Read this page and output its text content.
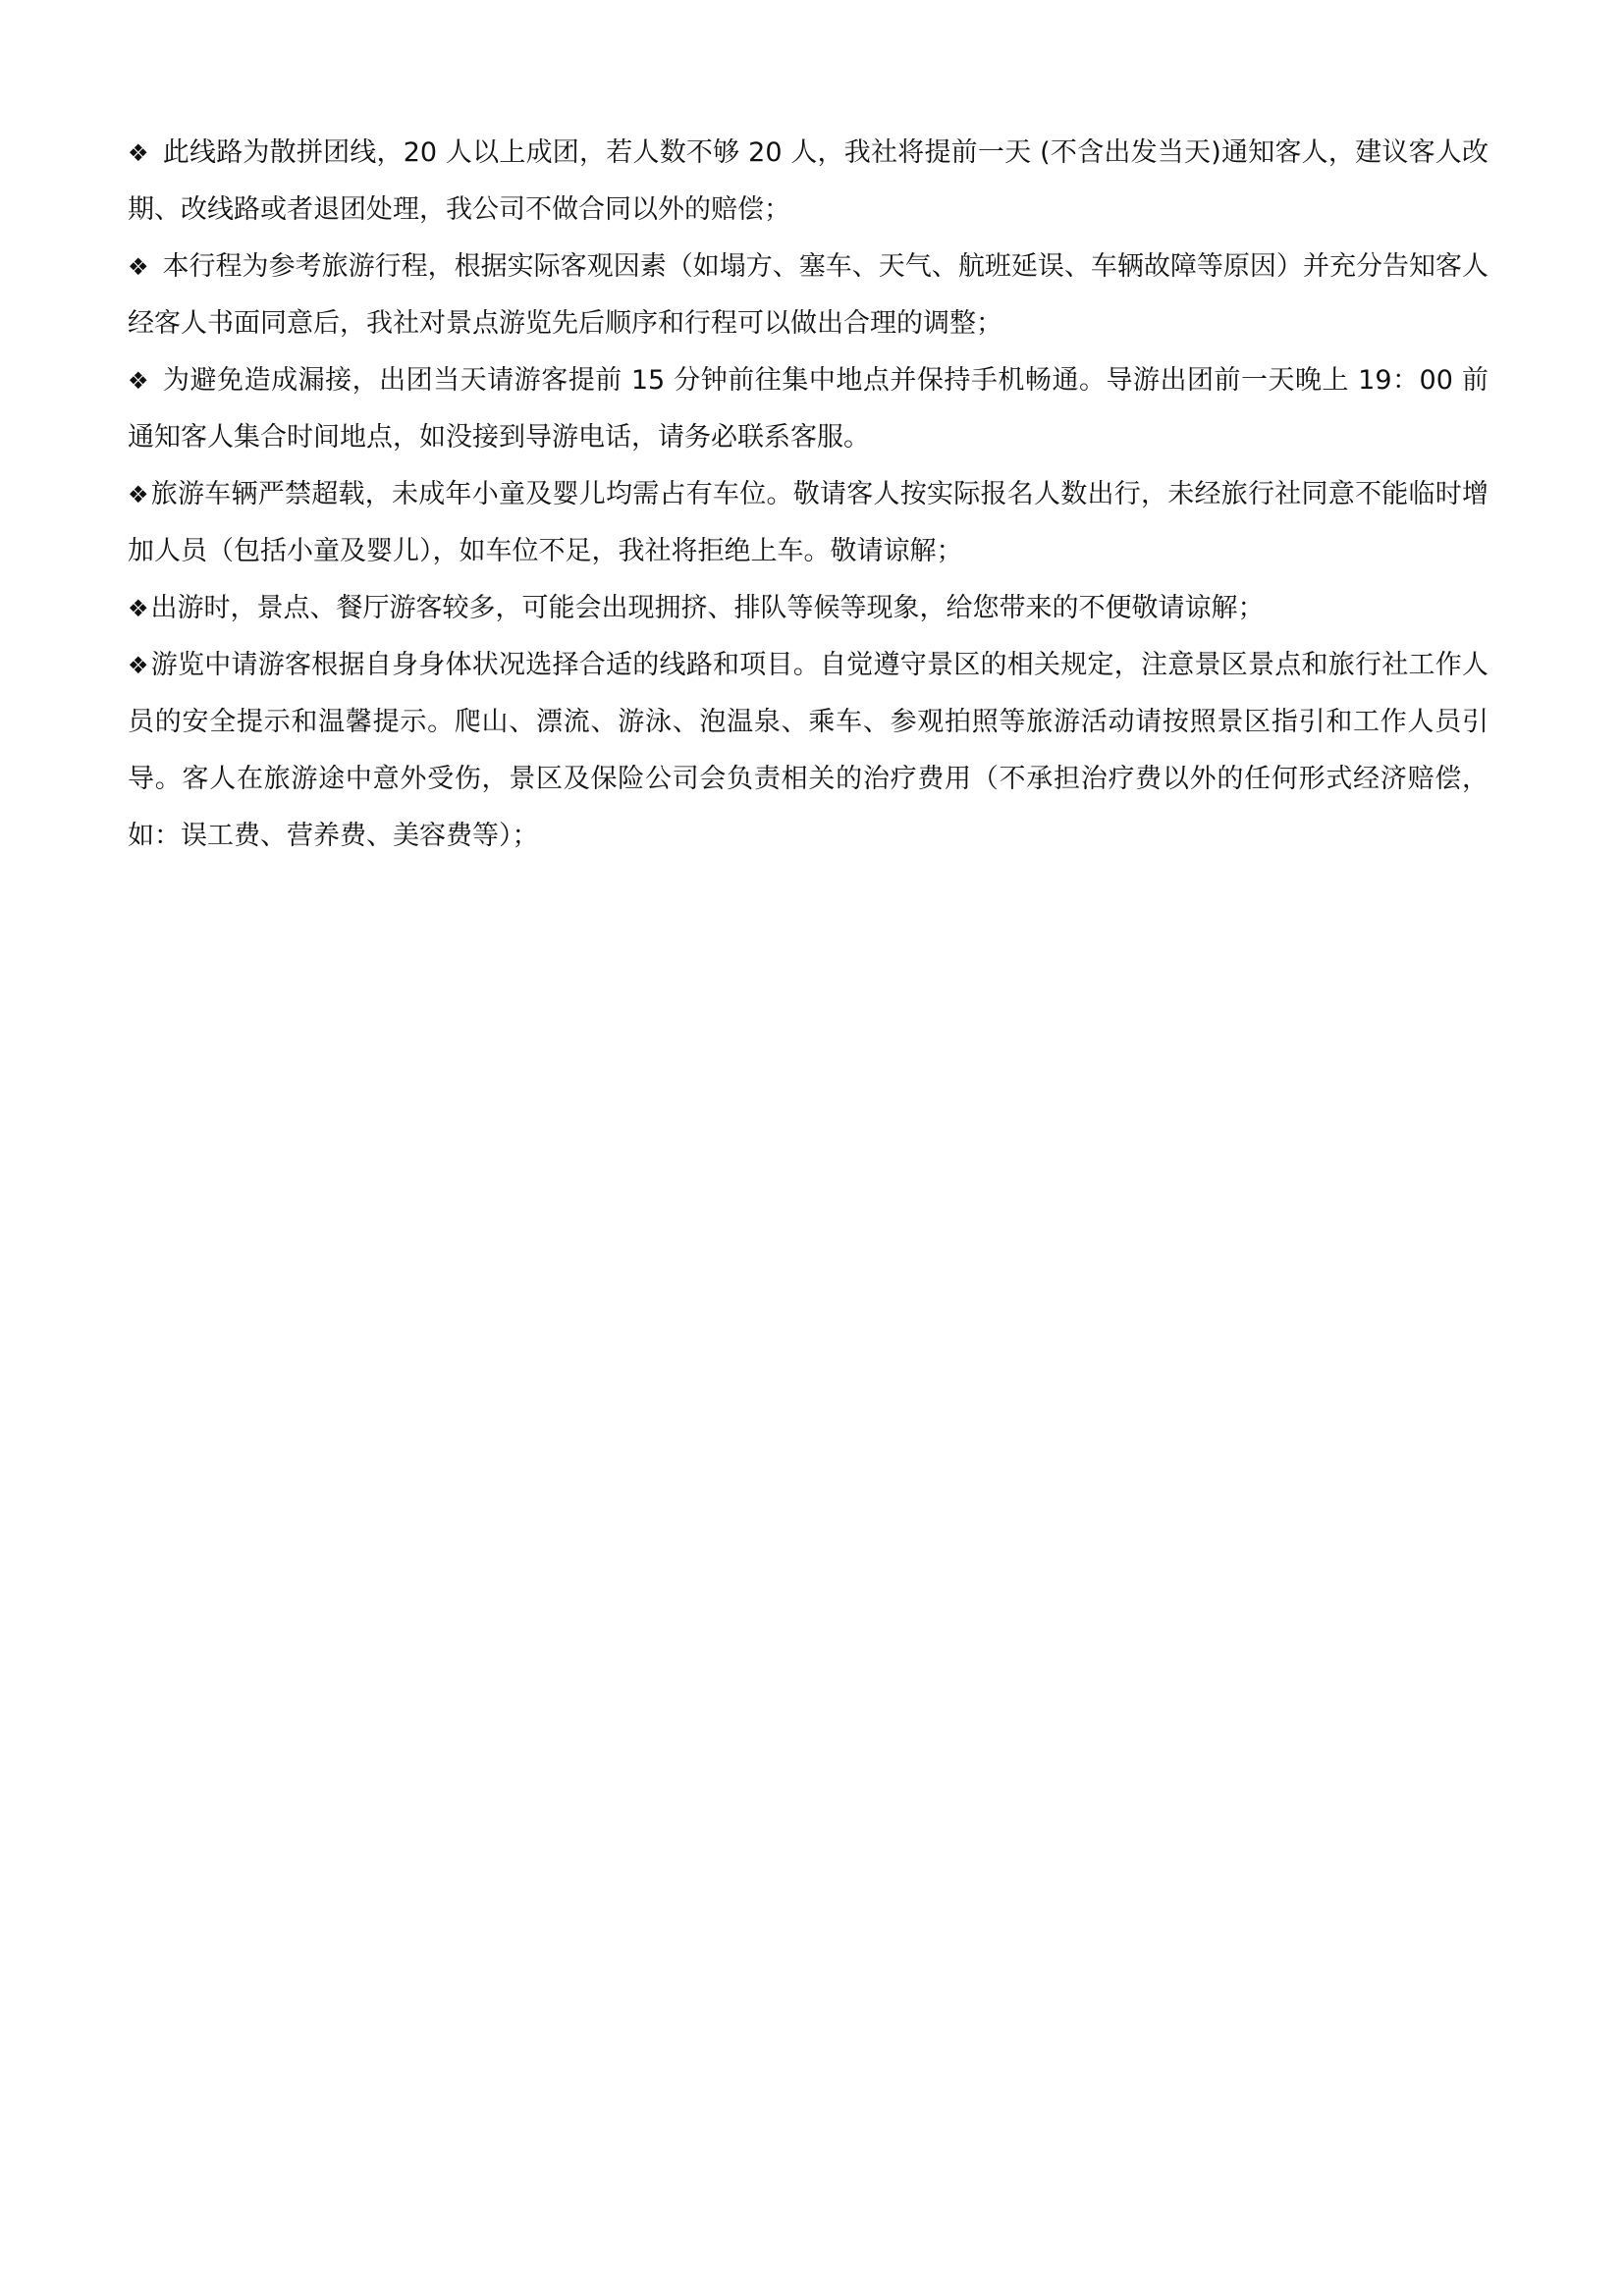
❖ 此线路为散拼团线，20 人以上成团，若人数不够 20 人，我社将提前一天 (不含出发当天)通知客人，建议客人改期、改线路或者退团处理，我公司不做合同以外的赔偿；
❖ 本行程为参考旅游行程，根据实际客观因素（如塌方、塞车、天气、航班延误、车辆故障等原因）并充分告知客人经客人书面同意后，我社对景点游览先后顺序和行程可以做出合理的调整；
❖ 为避免造成漏接，出团当天请游客提前 15 分钟前往集中地点并保持手机畅通。导游出团前一天晚上 19：00 前通知客人集合时间地点，如没接到导游电话，请务必联系客服。
❖旅游车辆严禁超载，未成年小童及婴儿均需占有车位。敬请客人按实际报名人数出行，未经旅行社同意不能临时增加人员（包括小童及婴儿），如车位不足，我社将拒绝上车。敬请谅解；
❖出游时，景点、餐厅游客较多，可能会出现拥挤、排队等候等现象，给您带来的不便敬请谅解；
❖游览中请游客根据自身身体状况选择合适的线路和项目。自觉遵守景区的相关规定，注意景区景点和旅行社工作人员的安全提示和温馨提示。爬山、漂流、游泳、泡温泉、乘车、参观拍照等旅游活动请按照景区指引和工作人员引导。客人在旅游途中意外受伤，景区及保险公司会负责相关的治疗费用（不承担治疗费以外的任何形式经济赔偿，如：误工费、营养费、美容费等）；
